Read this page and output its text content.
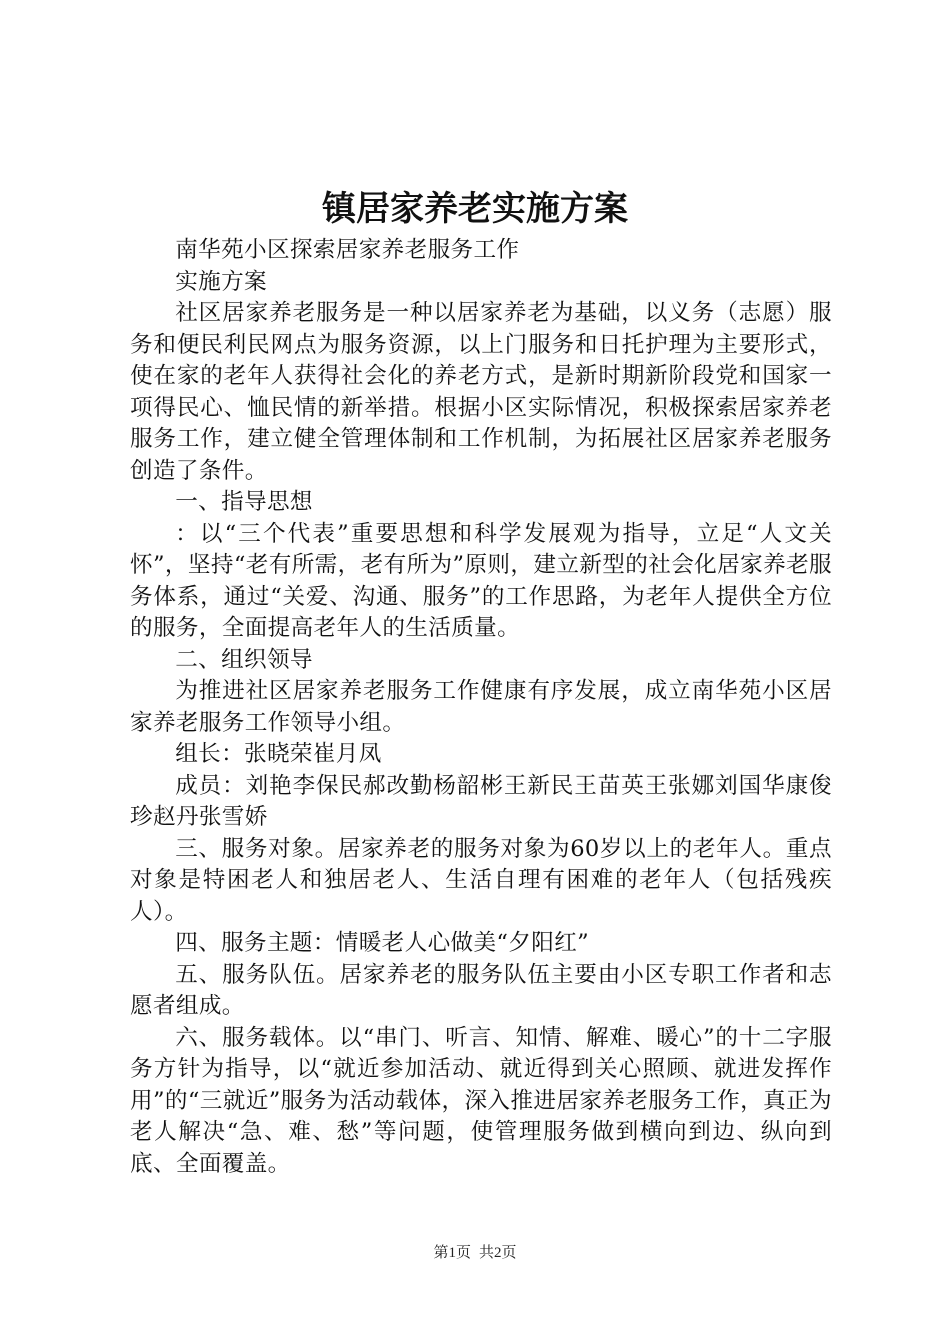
镇居家养老实施方案

南华苑小区探索居家养老服务工作

实施方案

社区居家养老服务是一种以居家养老为基础，以义务（志愿）服务和便民利民网点为服务资源，以上门服务和日托护理为主要形式，使在家的老年人获得社会化的养老方式，是新时期新阶段党和国家一项得民心、恤民情的新举措。根据小区实际情况，积极探索居家养老服务工作，建立健全管理体制和工作机制，为拓展社区居家养老服务创造了条件。

一、指导思想

：以“三个代表”重要思想和科学发展观为指导，立足“人文关怀”，坚持“老有所需，老有所为”原则，建立新型的社会化居家养老服务体系，通过“关爱、沟通、服务”的工作思路，为老年人提供全方位的服务，全面提高老年人的生活质量。

二、组织领导

为推进社区居家养老服务工作健康有序发展，成立南华苑小区居家养老服务工作领导小组。

组长：张晓荣崔月凤

成员：刘艳李保民郝改勤杨韶彬王新民王苗英王张娜刘国华康俊珍赵丹张雪娇

三、服务对象。居家养老的服务对象为60岁以上的老年人。重点对象是特困老人和独居老人、生活自理有困难的老年人（包括残疾人）。

四、服务主题：情暖老人心做美“夕阳红”

五、服务队伍。居家养老的服务队伍主要由小区专职工作者和志愿者组成。

六、服务载体。以“串门、听言、知情、解难、暖心”的十二字服务方针为指导，以“就近参加活动、就近得到关心照顾、就进发挥作用”的“三就近”服务为活动载体，深入推进居家养老服务工作，真正为老人解决“急、难、愁”等问题，使管理服务做到横向到边、纵向到底、全面覆盖。

第1页 共2页
